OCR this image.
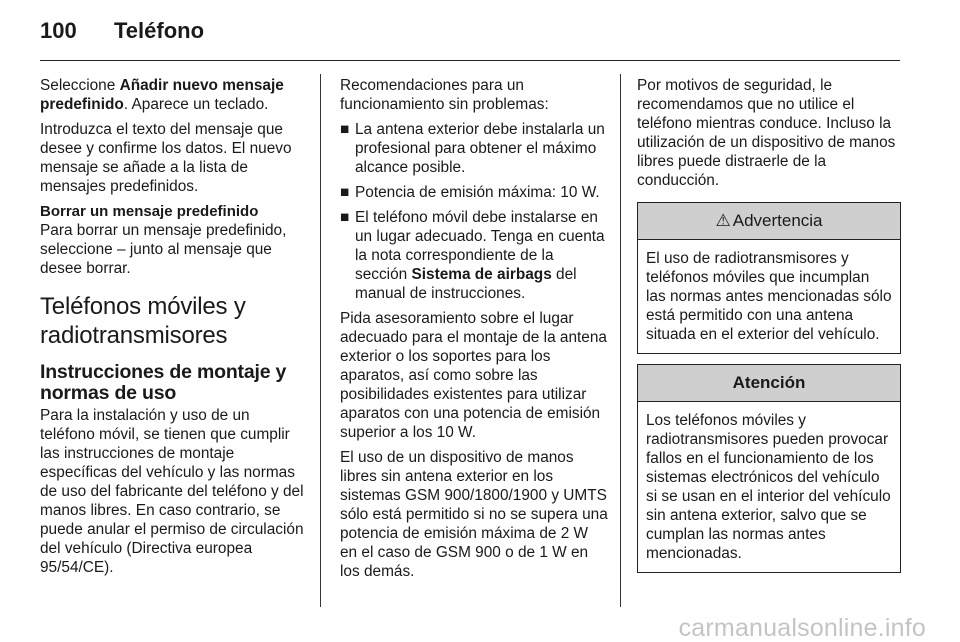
100	Teléfono

Seleccione Añadir nuevo mensaje predefinido. Aparece un teclado.

Introduzca el texto del mensaje que desee y confirme los datos. El nuevo mensaje se añade a la lista de mensajes predefinidos.

Borrar un mensaje predefinido
Para borrar un mensaje predefinido, seleccione – junto al mensaje que desee borrar.
Teléfonos móviles y radiotransmisores
Instrucciones de montaje y normas de uso

Para la instalación y uso de un teléfono móvil, se tienen que cumplir las instrucciones de montaje específicas del vehículo y las normas de uso del fabricante del teléfono y del manos libres. En caso contrario, se puede anular el permiso de circulación del vehículo (Directiva europea 95/54/CE).

Recomendaciones para un funcionamiento sin problemas:

■ La antena exterior debe instalarla un profesional para obtener el máximo alcance posible.
■ Potencia de emisión máxima: 10 W.
■ El teléfono móvil debe instalarse en un lugar adecuado. Tenga en cuenta la nota correspondiente de la sección Sistema de airbags del manual de instrucciones.

Pida asesoramiento sobre el lugar adecuado para el montaje de la antena exterior o los soportes para los aparatos, así como sobre las posibilidades existentes para utilizar aparatos con una potencia de emisión superior a los 10 W.

El uso de un dispositivo de manos libres sin antena exterior en los sistemas GSM 900/1800/1900 y UMTS sólo está permitido si no se supera una potencia de emisión máxima de 2 W en el caso de GSM 900 o de 1 W en los demás.

Por motivos de seguridad, le recomendamos que no utilice el teléfono mientras conduce. Incluso la utilización de un dispositivo de manos libres puede distraerle de la conducción.

⚠ Advertencia
El uso de radiotransmisores y teléfonos móviles que incumplan las normas antes mencionadas sólo está permitido con una antena situada en el exterior del vehículo.
Atención
Los teléfonos móviles y radiotransmisores pueden provocar fallos en el funcionamiento de los sistemas electrónicos del vehículo si se usan en el interior del vehículo sin antena exterior, salvo que se cumplan las normas antes mencionadas.
carmanualsonline.info
